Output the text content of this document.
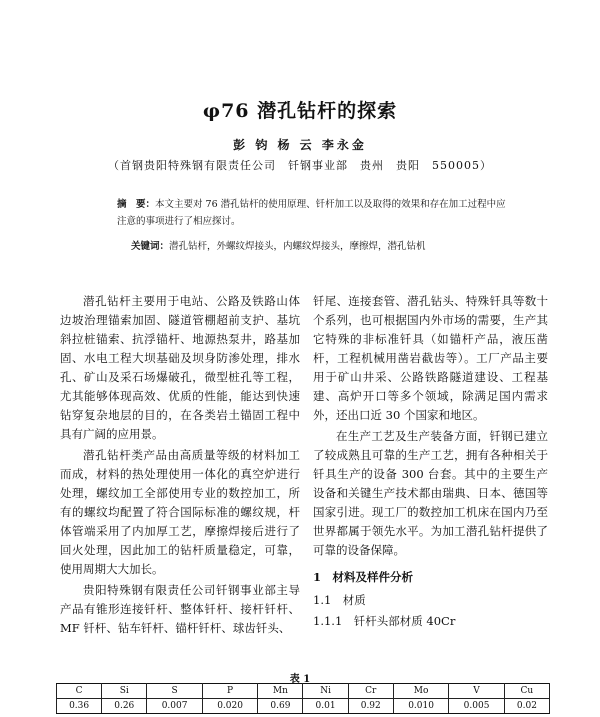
φ76 潜孔钻杆的探索
彭 钧 杨 云 李永金
（首钢贵阳特殊钢有限责任公司　钎钢事业部　贵州　贵阳　550005）
摘　要：本文主要对 76 潜孔钻杆的使用原理、钎杆加工以及取得的效果和存在加工过程中应注意的事项进行了相应探讨。
关键词：潜孔钻杆，外螺纹焊接头，内螺纹焊接头，摩擦焊，潜孔钻机

潜孔钻杆主要用于电站、公路及铁路山体边坡治理锚索加固、隧道管棚超前支护、基坑斜拉桩锚索、抗浮锚杆、地源热泵井，路基加固、水电工程大坝基础及坝身防渗处理，排水孔、矿山及采石场爆破孔，微型桩孔等工程，尤其能够体现高效、优质的性能，能达到快速钻穿复杂地层的目的，在各类岩土锚固工程中具有广阔的应用景。

潜孔钻杆类产品由高质量等级的材料加工而成，材料的热处理使用一体化的真空炉进行处理，螺纹加工全部使用专业的数控加工，所有的螺纹均配置了符合国际标准的螺纹规，杆体管端采用了内加厚工艺，摩擦焊接后进行了回火处理，因此加工的钻杆质量稳定，可靠，使用周期大大加长。

贵阳特殊钢有限责任公司钎钢事业部主导产品有锥形连接钎杆、整体钎杆、接杆钎杆、MF 钎杆、钻车钎杆、锚杆钎杆、球齿钎头、

钎尾、连接套管、潜孔钻头、特殊钎具等数十个系列，也可根据国内外市场的需要，生产其它特殊的非标准钎具（如锚杆产品，液压凿杆，工程机械用凿岩截齿等）。工厂产品主要用于矿山井采、公路铁路隧道建设、工程基建、高炉开口等多个领域，除满足国内需求外，还出口近 30 个国家和地区。

在生产工艺及生产装备方面，钎钢已建立了较成熟且可靠的生产工艺，拥有各种相关于钎具生产的设备 300 台套。其中的主要生产设备和关键生产技术都由瑞典、日本、德国等国家引进。现工厂的数控加工机床在国内乃至世界都属于领先水平。为加工潜孔钻杆提供了可靠的设备保障。

1　材料及样件分析
1.1　材质
1.1.1　钎杆头部材质 40Cr
表 1
C	Si	S	P	Mn	Ni	Cr	Mo	V	Cu
0.36	0.26	0.007	0.020	0.69	0.01	0.92	0.010	0.005	0.02
